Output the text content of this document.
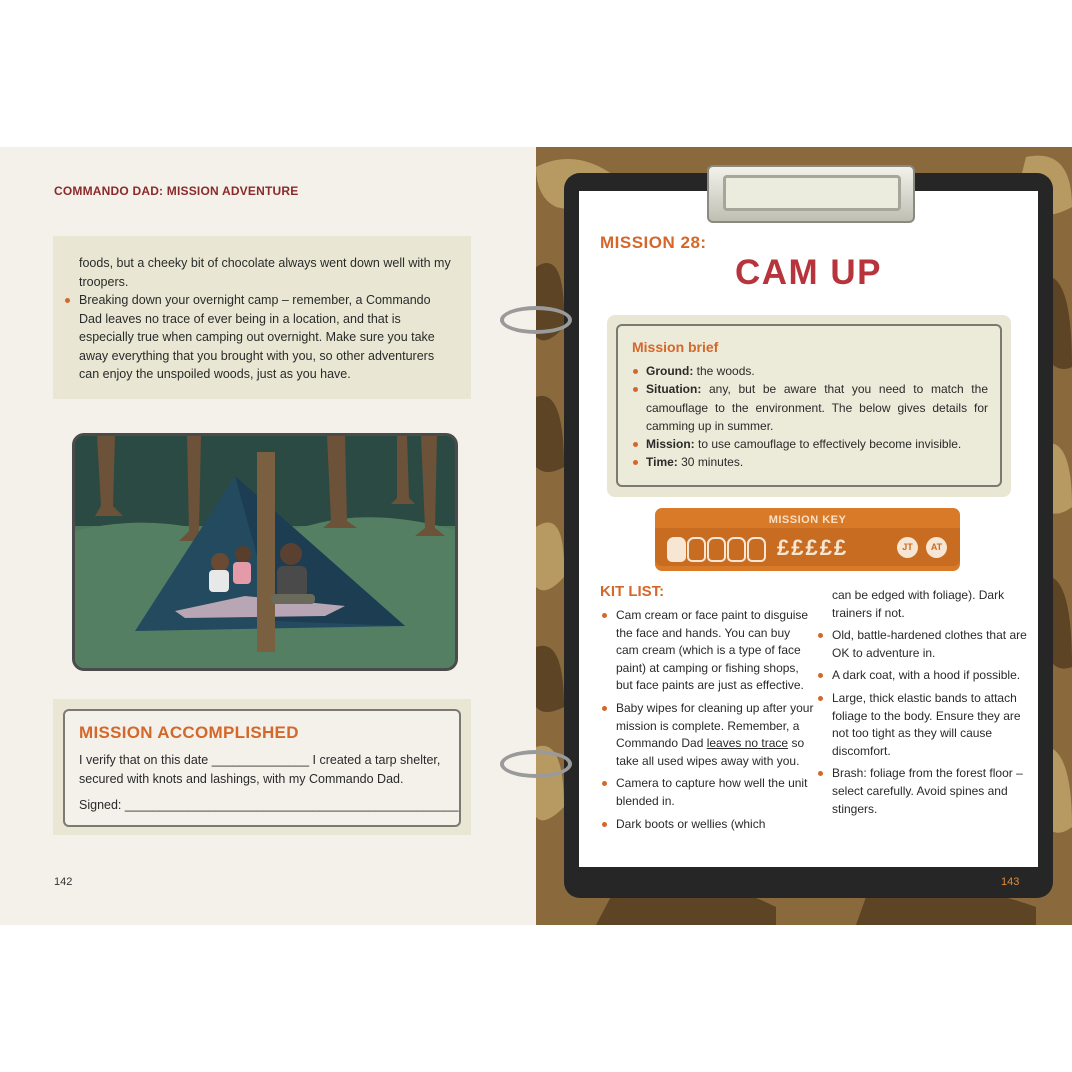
COMMANDO DAD: MISSION ADVENTURE
foods, but a cheeky bit of chocolate always went down well with my troopers.
Breaking down your overnight camp – remember, a Commando Dad leaves no trace of ever being in a location, and that is especially true when camping out overnight. Make sure you take away everything that you brought with you, so other adventurers can enjoy the unspoiled woods, just as you have.
MISSION ACCOMPLISHED
I verify that on this date ______________ I created a tarp shelter, secured with knots and lashings, with my Commando Dad.
Signed: ________________________________________________
142
MISSION 28:
CAM UP
Mission brief
Ground: the woods.
Situation: any, but be aware that you need to match the camouflage to the environment. The below gives details for camming up in summer.
Mission: to use camouflage to effectively become invisible.
Time: 30 minutes.
MISSION KEY
£££££	JT	AT
KIT LIST:
Cam cream or face paint to disguise the face and hands. You can buy cam cream (which is a type of face paint) at camping or fishing shops, but face paints are just as effective.
Baby wipes for cleaning up after your mission is complete. Remember, a Commando Dad leaves no trace so take all used wipes away with you.
Camera to capture how well the unit blended in.
Dark boots or wellies (which
can be edged with foliage). Dark trainers if not.
Old, battle-hardened clothes that are OK to adventure in.
A dark coat, with a hood if possible.
Large, thick elastic bands to attach foliage to the body. Ensure they are not too tight as they will cause discomfort.
Brash: foliage from the forest floor – select carefully. Avoid spines and stingers.
143
